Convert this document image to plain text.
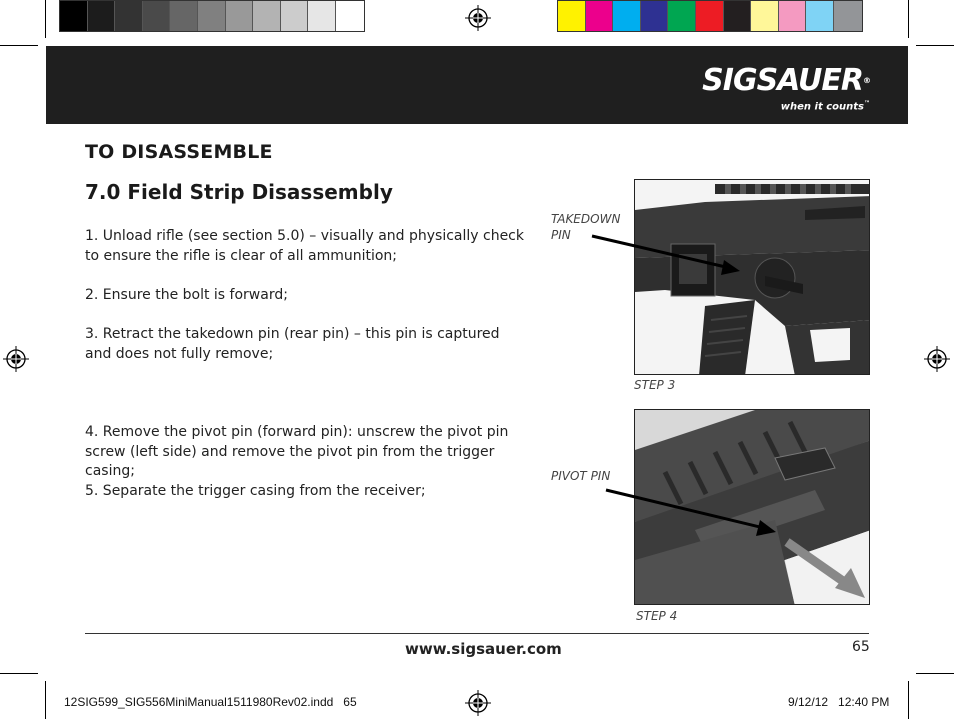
SIGSAUER®
when it counts™
TO DISASSEMBLE
7.0 Field Strip Disassembly
1. Unload rifle (see section 5.0) – visually and physically check to ensure the rifle is clear of all ammunition;
2. Ensure the bolt is forward;
3. Retract the takedown pin (rear pin) – this pin is captured and does not fully remove;
4. Remove the pivot pin (forward pin): unscrew the pivot pin screw (left side) and remove the pivot pin from the trigger casing;
5. Separate the trigger casing from the receiver;
TAKEDOWN
PIN
STEP 3
PIVOT PIN
STEP 4
www.sigsauer.com	65
12SIG599_SIG556MiniManual1511980Rev02.indd   65	9/12/12   12:40 PM
